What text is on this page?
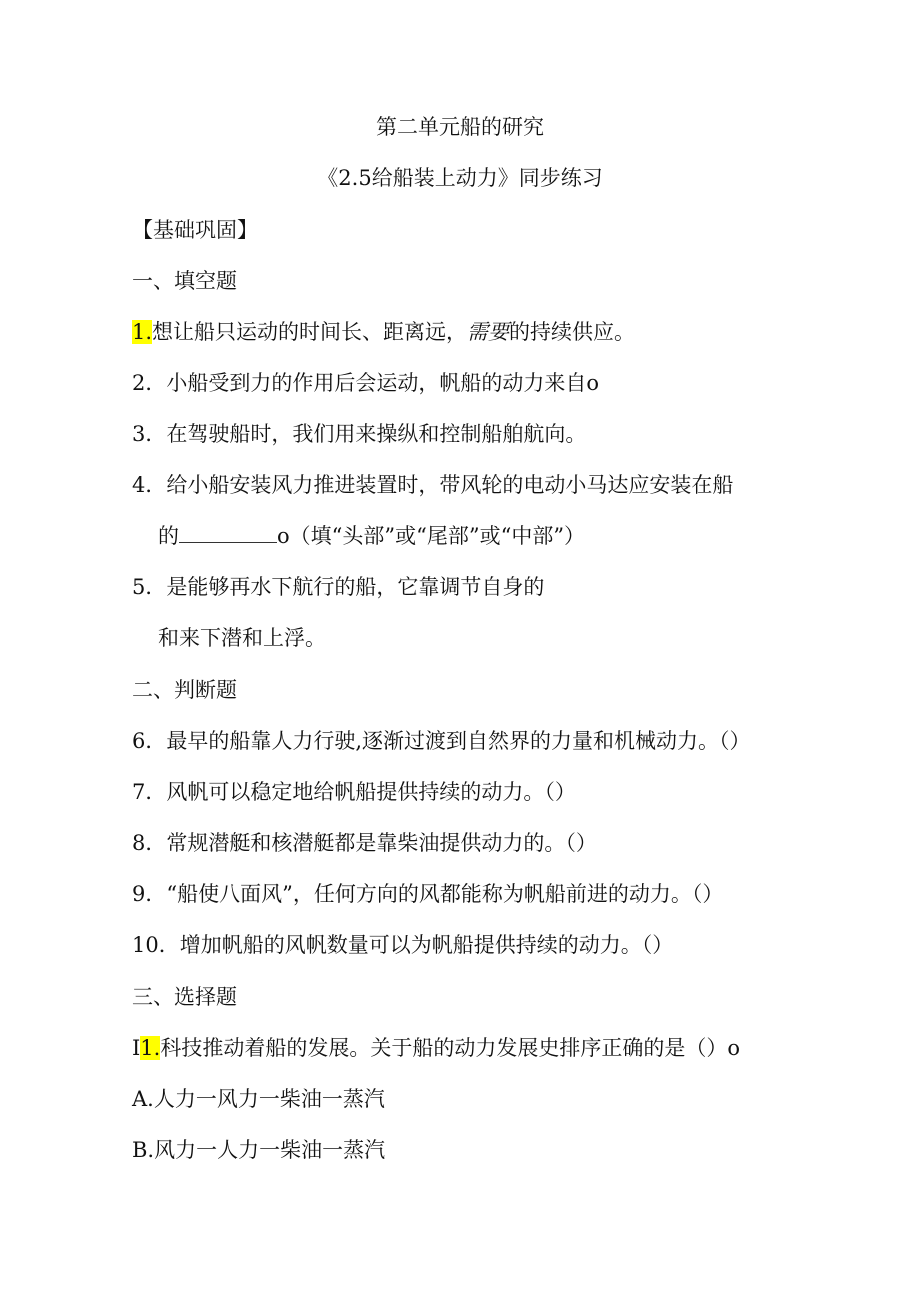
第二单元船的研究
《2.5给船装上动力》同步练习
【基础巩固】
一、填空题
1.想让船只运动的时间长、距离远，需要的持续供应。
2．小船受到力的作用后会运动，帆船的动力来自o
3．在驾驶船时，我们用来操纵和控制船舶航向。
4．给小船安装风力推进装置时，带风轮的电动小马达应安装在船
的	o（填“头部”或“尾部”或“中部”）
5．是能够再水下航行的船，它靠调节自身的
和来下潜和上浮。
二、判断题
6．最早的船靠人力行驶,逐渐过渡到自然界的力量和机械动力。（）
7．风帆可以稳定地给帆船提供持续的动力。（）
8．常规潜艇和核潜艇都是靠柴油提供动力的。（）
9．“船使八面风”，任何方向的风都能称为帆船前进的动力。（）
10．增加帆船的风帆数量可以为帆船提供持续的动力。（）
三、选择题
I1.科技推动着船的发展。关于船的动力发展史排序正确的是（）o
A.人力一风力一柴油一蒸汽
B.风力一人力一柴油一蒸汽
